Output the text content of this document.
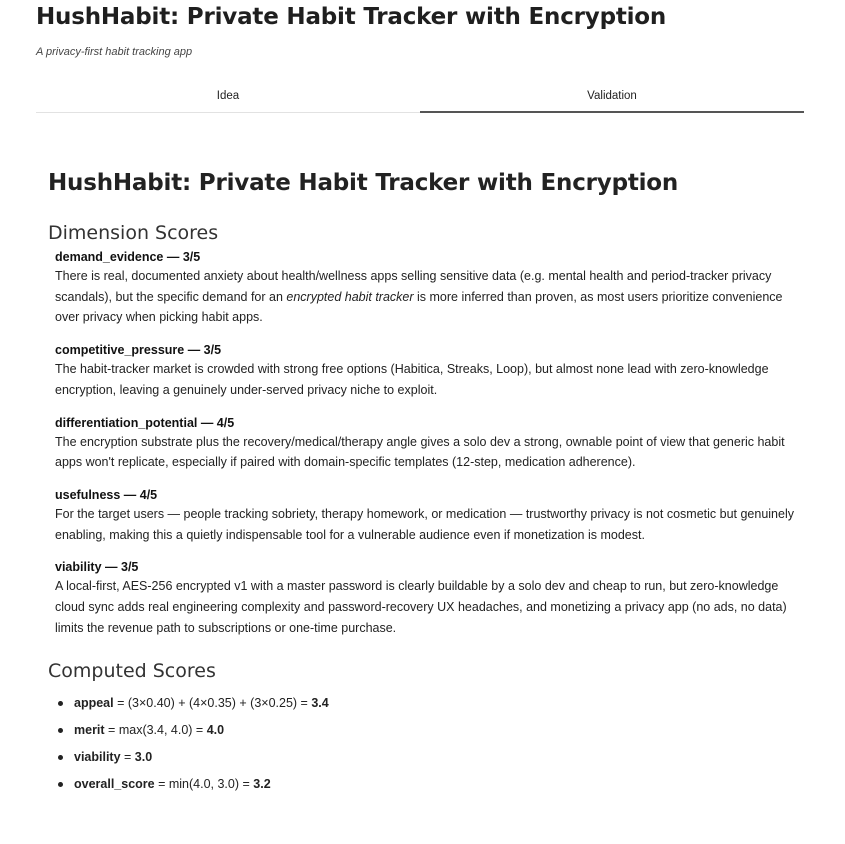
HushHabit: Private Habit Tracker with Encryption
A privacy-first habit tracking app
Idea	Validation
HushHabit: Private Habit Tracker with Encryption
Dimension Scores
demand_evidence — 3/5
There is real, documented anxiety about health/wellness apps selling sensitive data (e.g. mental health and period-tracker privacy scandals), but the specific demand for an encrypted habit tracker is more inferred than proven, as most users prioritize convenience over privacy when picking habit apps.
competitive_pressure — 3/5
The habit-tracker market is crowded with strong free options (Habitica, Streaks, Loop), but almost none lead with zero-knowledge encryption, leaving a genuinely under-served privacy niche to exploit.
differentiation_potential — 4/5
The encryption substrate plus the recovery/medical/therapy angle gives a solo dev a strong, ownable point of view that generic habit apps won't replicate, especially if paired with domain-specific templates (12-step, medication adherence).
usefulness — 4/5
For the target users — people tracking sobriety, therapy homework, or medication — trustworthy privacy is not cosmetic but genuinely enabling, making this a quietly indispensable tool for a vulnerable audience even if monetization is modest.
viability — 3/5
A local-first, AES-256 encrypted v1 with a master password is clearly buildable by a solo dev and cheap to run, but zero-knowledge cloud sync adds real engineering complexity and password-recovery UX headaches, and monetizing a privacy app (no ads, no data) limits the revenue path to subscriptions or one-time purchase.
Computed Scores
appeal = (3×0.40) + (4×0.35) + (3×0.25) = 3.4
merit = max(3.4, 4.0) = 4.0
viability = 3.0
overall_score = min(4.0, 3.0) = 3.2
